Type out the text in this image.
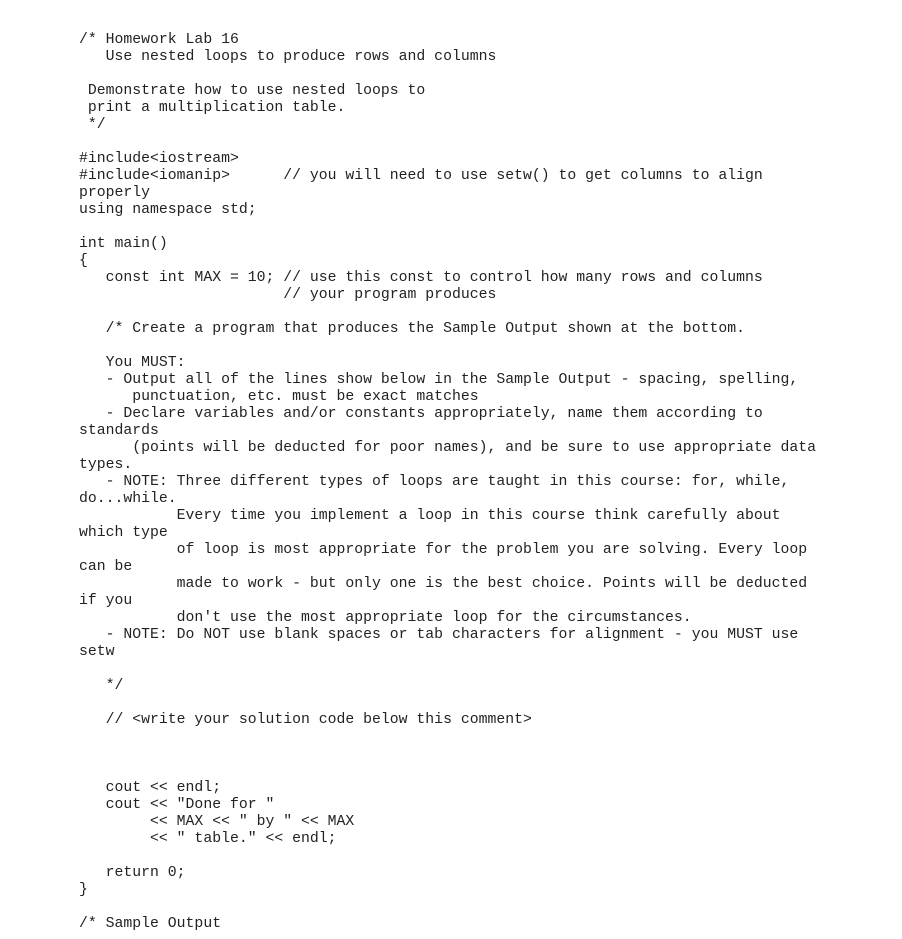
/* Homework Lab 16
Use nested loops to produce rows and columns
Demonstrate how to use nested loops to
print a multiplication table.
*/
#include<iostream>
#include<iomanip>      // you will need to use setw() to get columns to align
properly
using namespace std;
int main()
{
const int MAX = 10; // use this const to control how many rows and columns
// your program produces
/* Create a program that produces the Sample Output shown at the bottom.
You MUST:
- Output all of the lines show below in the Sample Output - spacing, spelling,
punctuation, etc. must be exact matches
- Declare variables and/or constants appropriately, name them according to
standards
(points will be deducted for poor names), and be sure to use appropriate data
types.
- NOTE: Three different types of loops are taught in this course: for, while,
do...while.
Every time you implement a loop in this course think carefully about
which type
of loop is most appropriate for the problem you are solving. Every loop
can be
made to work - but only one is the best choice. Points will be deducted
if you
don't use the most appropriate loop for the circumstances.
- NOTE: Do NOT use blank spaces or tab characters for alignment - you MUST use
setw
*/
// <write your solution code below this comment>
cout << endl;
cout << "Done for "
<< MAX << " by " << MAX
<< " table." << endl;
return 0;
}
/* Sample Output
